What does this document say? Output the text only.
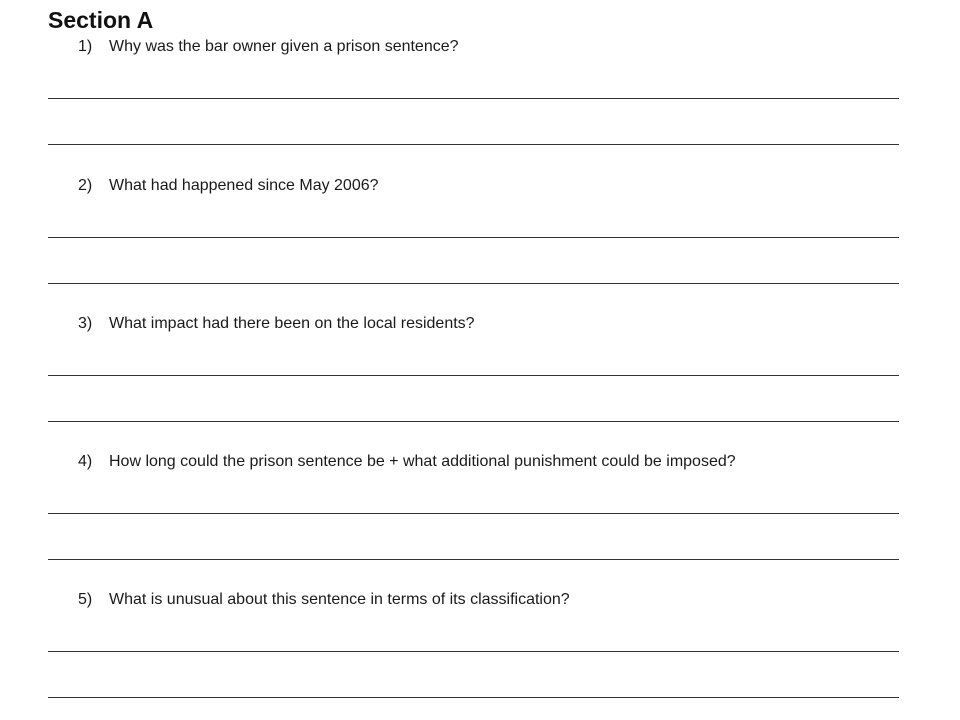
Section A
1) Why was the bar owner given a prison sentence?
2) What had happened since May 2006?
3) What impact had there been on the local residents?
4) How long could the prison sentence be + what additional punishment could be imposed?
5) What is unusual about this sentence in terms of its classification?
